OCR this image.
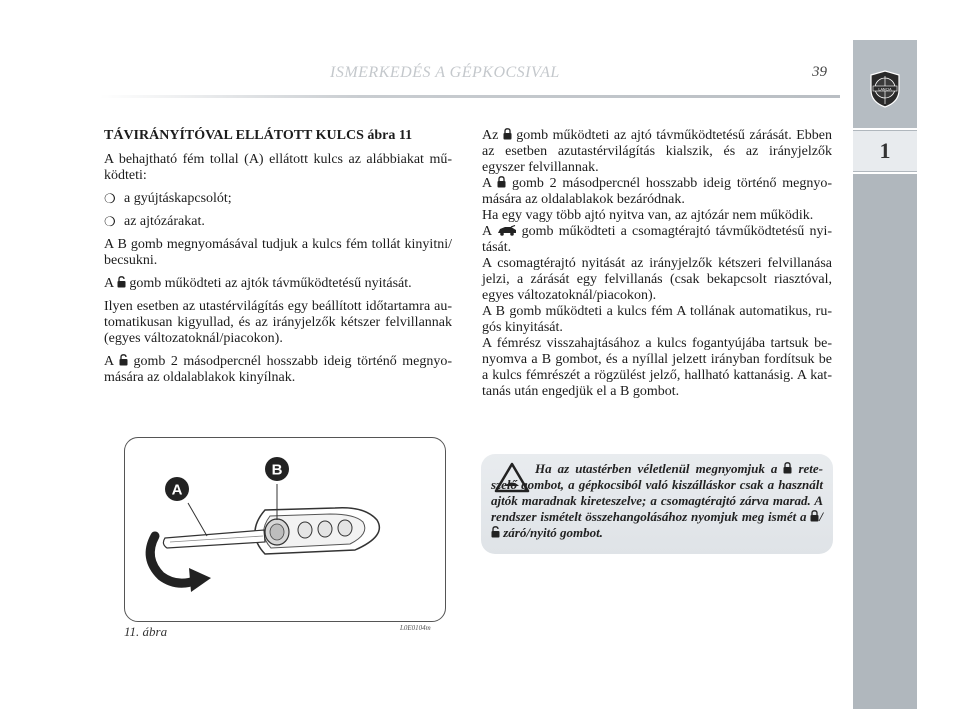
ISMERKEDÉS A GÉPKOCSIVAL	39
LANCIA
1

TÁVIRÁNYÍTÓVAL ELLÁTOTT KULCS ábra 11

A behajtható fém tollal (A) ellátott kulcs az alábbiakat mű-ködteti:

❍ a gyújtáskapcsolót;
❍ az ajtózárakat.

A B gomb megnyomásával tudjuk a kulcs fém tollát kinyitni/ becsukni.

A gomb működteti az ajtók távműködtetésű nyitását.

Ilyen esetben az utastérvilágítás egy beállított időtartamra au-tomatikusan kigyullad, és az irányjelzők kétszer felvillannak (egyes változatoknál/piacokon).

A gomb 2 másodpercnél hosszabb ideig történő megnyo-mására az oldalablakok kinyílnak.

Az gomb működteti az ajtó távműködtetésű zárását. Ebben az esetben azutastérvilágítás kialszik, és az irányjelzők egyszer felvillannak.

A gomb 2 másodpercnél hosszabb ideig történő megnyo-mására az oldalablakok bezáródnak.

Ha egy vagy több ajtó nyitva van, az ajtózár nem működik.

A gomb működteti a csomagtérajtó távműködtetésű nyi-tását.

A csomagtérajtó nyitását az irányjelzők kétszeri felvillanása jelzi, a zárását egy felvillanás (csak bekapcsolt riasztóval, egyes változatoknál/piacokon).

A B gomb működteti a kulcs fém A tollának automatikus, ru-gós kinyitását.

A fémrész visszahajtásához a kulcs fogantyújába tartsuk be-nyomva a B gombot, és a nyíllal jelzett irányban fordítsuk be a kulcs fémrészét a rögzülést jelző, hallható kattanásig. A kat-tanás után engedjük el a B gombot.

A
B
11. ábra	L0E0104m
Ha az utastérben véletlenül megnyomjuk a rete-szelő gombot, a gépkocsiból való kiszálláskor csak a használt ajtók maradnak kireteszelve; a csomagtérajtó zárva marad. A rendszer ismételt összehangolásához nyomjuk meg ismét a / záró/nyitó gombot.
